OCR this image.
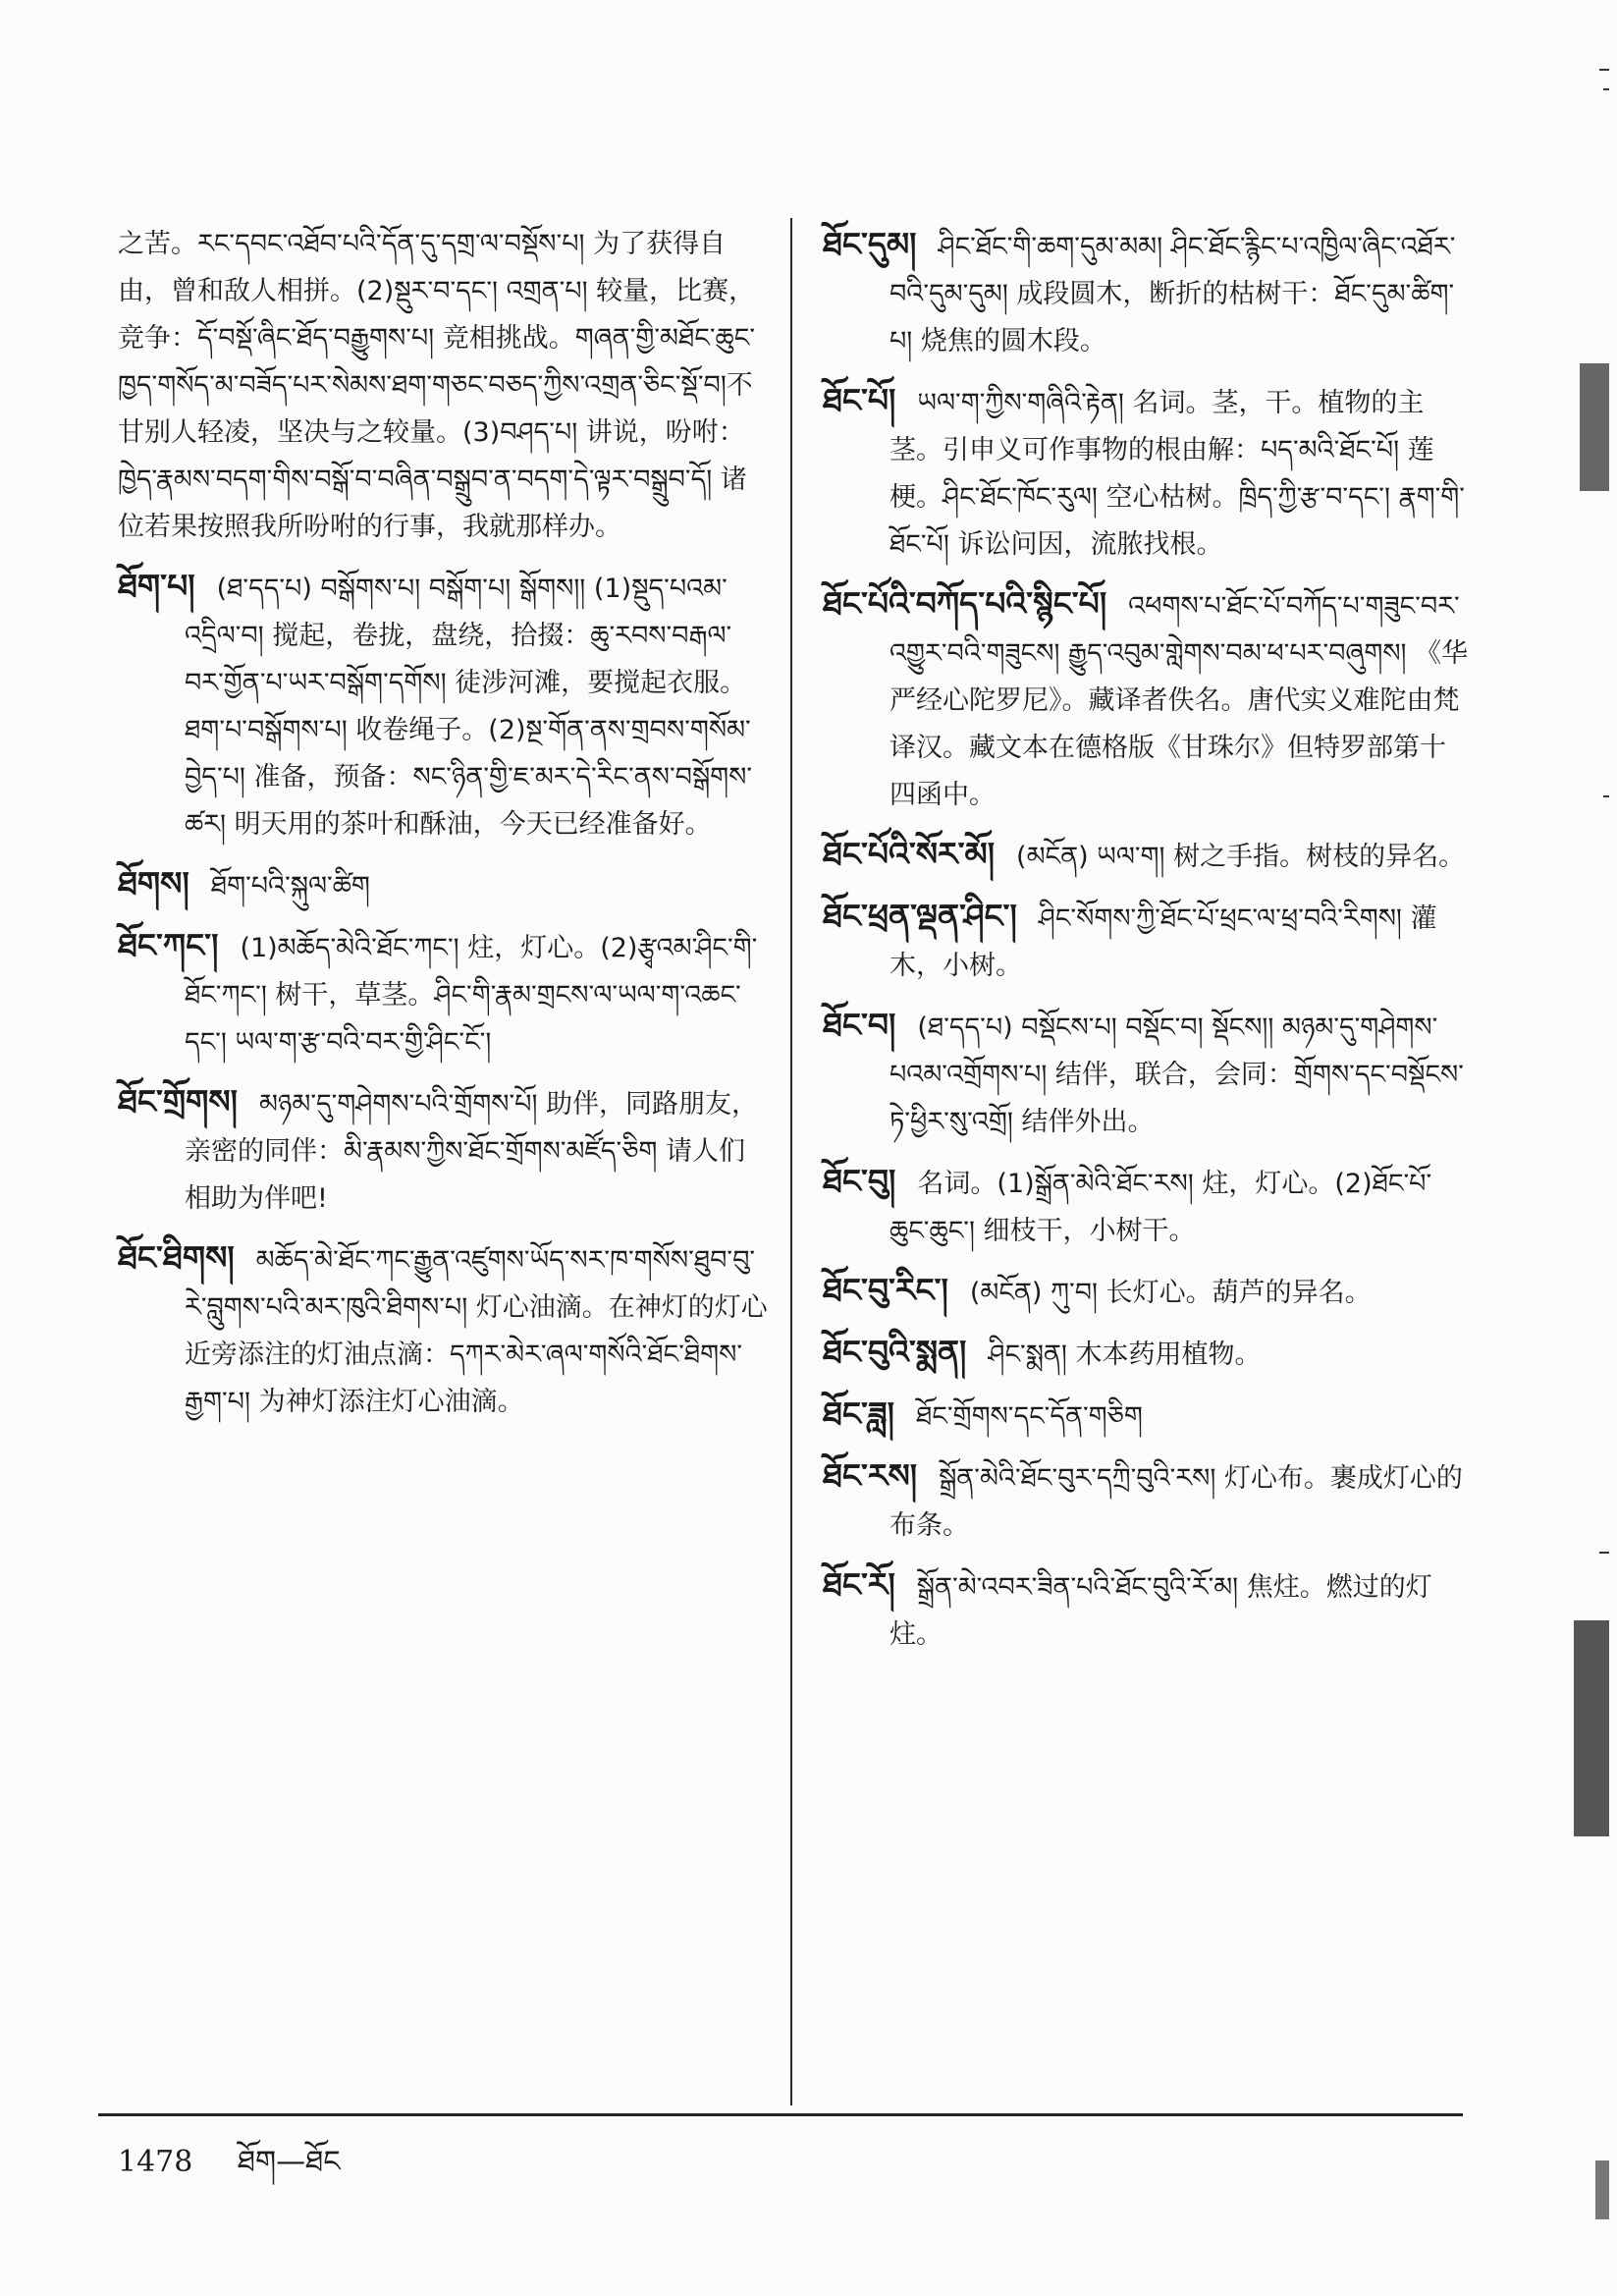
之苦。རང་དབང་འཐོབ་པའི་དོན་དུ་དགྲ་ལ་བསྡོས་པ། 为了获得自由，曾和敌人相拼。(2)སྡུར་བ་དང་། འགྲན་པ། 较量，比赛，竞争：དོ་བསྡོ་ཞིང་ཐོད་བརྒྱུགས་པ། 竞相挑战。གཞན་གྱི་མཐོང་ཆུང་ཁྱད་གསོད་མ་བཟོད་པར་སེམས་ཐག་གཅང་བཅད་ཀྱིས་འགྲན་ཅིང་སྡོ་བ།不甘别人轻凌，坚决与之较量。(3)བཤད་པ། 讲说，吩咐：ཁྱེད་རྣམས་བདག་གིས་བསྒོ་བ་བཞིན་བསྒྲུབ་ན་བདག་དེ་ལྟར་བསྒྲུབ་དོ། 诸位若果按照我所吩咐的行事，我就那样办。
ཐོག་པ། (ཐ་དད་པ) བསྒོགས་པ། བསྒོག་པ། སྒོགས།། (1)སྡུད་པའམ་འདྲིལ་བ། 搅起，卷拢，盘绕，拾掇：ཆུ་རབས་བརྒལ་བར་གྱོན་པ་ཡར་བསྒོག་དགོས། 徒涉河滩，要搅起衣服。ཐག་པ་བསྒོགས་པ། 收卷绳子。(2)སྔ་གོན་ནས་གྲབས་གསོམ་བྱེད་པ། 准备，预备：སང་ཉིན་གྱི་ཇ་མར་དེ་རིང་ནས་བསྒོགས་ཚར། 明天用的茶叶和酥油，今天已经准备好。
ཐོགས། ཐོག་པའི་སྐུལ་ཚིག
ཐོང་ཀང་། (1)མཆོད་མེའི་ཐོང་ཀང་། 炷，灯心。(2)རྩྭའམ་ཤིང་གི་ཐོང་ཀང་། 树干，草茎。ཤིང་གི་རྣམ་གྲངས་ལ་ཡལ་ག་འཆང་དང་། ཡལ་ག་རྩ་བའི་བར་གྱི་ཤིང་ངོ་།
ཐོང་གྲོགས། མཉམ་དུ་གཤེགས་པའི་གྲོགས་པོ། 助伴，同路朋友，亲密的同伴：མི་རྣམས་ཀྱིས་ཐོང་གྲོགས་མཛོད་ཅིག 请人们相助为伴吧!
ཐོང་ཐིགས། མཆོད་མེ་ཐོང་ཀང་རྒྱུན་འཛུགས་ཡོད་སར་ཁ་གསོས་ཐུབ་བུ་རེ་བླུགས་པའི་མར་ཁུའི་ཐིགས་པ། 灯心油滴。在神灯的灯心近旁添注的灯油点滴：དཀར་མེར་ཞལ་གསོའི་ཐོང་ཐིགས་རྒྱག་པ། 为神灯添注灯心油滴。
ཐོང་དུམ། ཤིང་ཐོང་གི་ཆག་དུམ་མམ། ཤིང་ཐོང་རྙིང་པ་འཁྱིལ་ཞིང་འཐོར་བའི་དུམ་དུམ། 成段圆木，断折的枯树干：ཐོང་དུམ་ཚིག་པ། 烧焦的圆木段。
ཐོང་པོ། ཡལ་ག་ཀྱིས་གཞིའི་རྟེན། 名词。茎，干。植物的主茎。引申义可作事物的根由解：པད་མའི་ཐོང་པོ། 莲梗。ཤིང་ཐོང་ཁོང་རུལ། 空心枯树。ཁྲིད་ཀྱི་རྩ་བ་དང་། རྣག་གི་ཐོང་པོ། 诉讼问因，流脓找根。
ཐོང་པོའི་བཀོད་པའི་སྙིང་པོ། འཕགས་པ་ཐོང་པོ་བཀོད་པ་གཟུང་བར་འགྱུར་བའི་གཟུངས། རྒྱུད་འབུམ་གླེགས་བམ་ཕ་པར་བཞུགས། 《华严经心陀罗尼》。藏译者佚名。唐代实义难陀由梵译汉。藏文本在德格版《甘珠尔》但特罗部第十四函中。
ཐོང་པོའི་སོར་མོ། (མངོན) ཡལ་ག། 树之手指。树枝的异名。
ཐོང་ཕྲན་ལྡན་ཤིང་། ཤིང་སོགས་ཀྱི་ཐོང་པོ་ཕྲང་ལ་ཕྲ་བའི་རིགས། 灌木，小树。
ཐོང་བ། (ཐ་དད་པ) བསྡོངས་པ། བསྡོང་བ། སྡོངས།། མཉམ་དུ་གཤེགས་པའམ་འགྲོགས་པ། 结伴，联合，会同：གྲོགས་དང་བསྡོངས་ཏེ་ཕྱིར་སུ་འགྲོ། 结伴外出。
ཐོང་བུ། 名词。(1)སྒྲོན་མེའི་ཐོང་རས། 炷，灯心。(2)ཐོང་པོ་ཆུང་ཆུང་། 细枝干，小树干。
ཐོང་བུ་རིང་། (མངོན) ཀུ་བ། 长灯心。葫芦的异名。
ཐོང་བུའི་སྨན། ཤིང་སྨན། 木本药用植物。
ཐོང་ཟླ། ཐོང་གྲོགས་དང་དོན་གཅིག
ཐོང་རས། སྒྲོན་མེའི་ཐོང་བུར་དཀྲི་བུའི་རས། 灯心布。裹成灯心的布条。
ཐོང་རོ། སྒྲོན་མེ་འབར་ཟིན་པའི་ཐོང་བུའི་རོ་མ། 焦炷。燃过的灯炷。
1478 ཐོག—ཐོང
